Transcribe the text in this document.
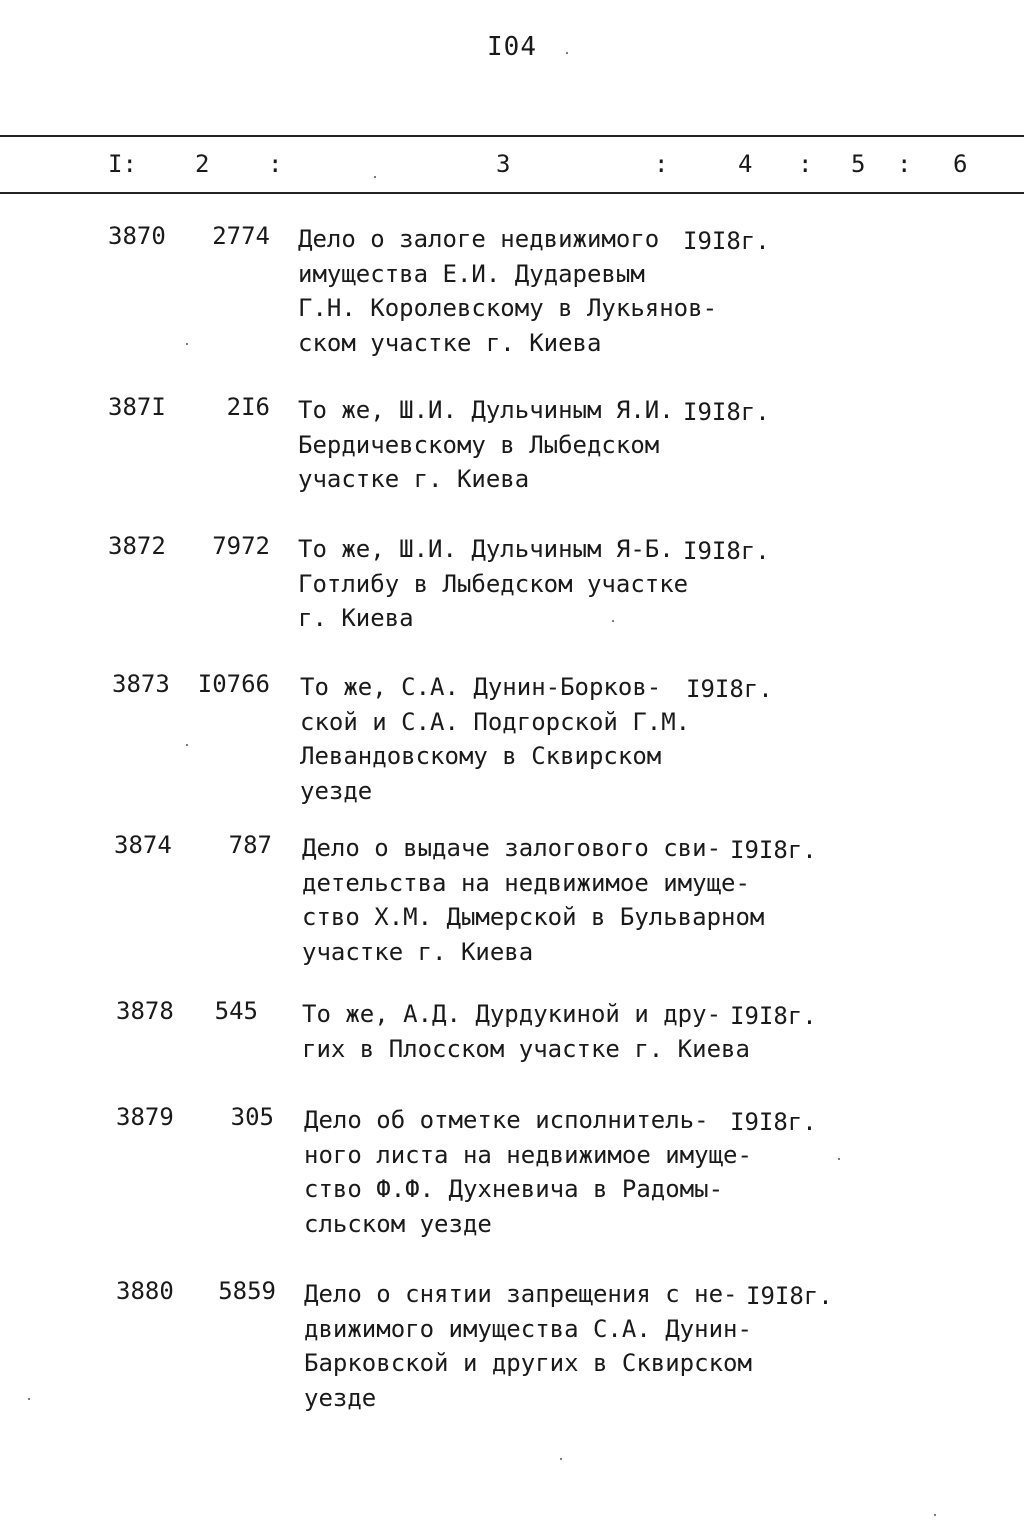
I04
I: 2 :	3	:	4 : 5 : 6
3870	2774 Дело о залоге недвижимого
имущества Е.И. Дударевым
Г.Н. Королевскому в Лукьянов-
ском участке г. Киева
I9I8г.
387I	2I6 То же, Ш.И. Дульчиным Я.И.
Бердичевскому в Лыбедском
участке г. Киева
I9I8г.
3872	7972 То же, Ш.И. Дульчиным Я-Б.
Готлибу в Лыбедском участке
г. Киева
I9I8г.
3873	I0766 То же, С.А. Дунин-Борков-
ской и С.А. Подгорской Г.М.
Левандовскому в Сквирском
уезде
I9I8г.
3874	787 Дело о выдаче залогового сви-
детельства на недвижимое имуще-
ство Х.М. Дымерской в Бульварном
участке г. Киева
I9I8г.
3878	545 То же, А.Д. Дурдукиной и дру-
гих в Плосском участке г. Киева
I9I8г.
3879	305 Дело об отметке исполнитель-
ного листа на недвижимое имуще-
ство Ф.Ф. Духневича в Радомы-
сльском уезде
I9I8г.
3880	5859 Дело о снятии запрещения с не-
движимого имущества С.А. Дунин-
Барковской и других в Сквирском
уезде
I9I8г.
